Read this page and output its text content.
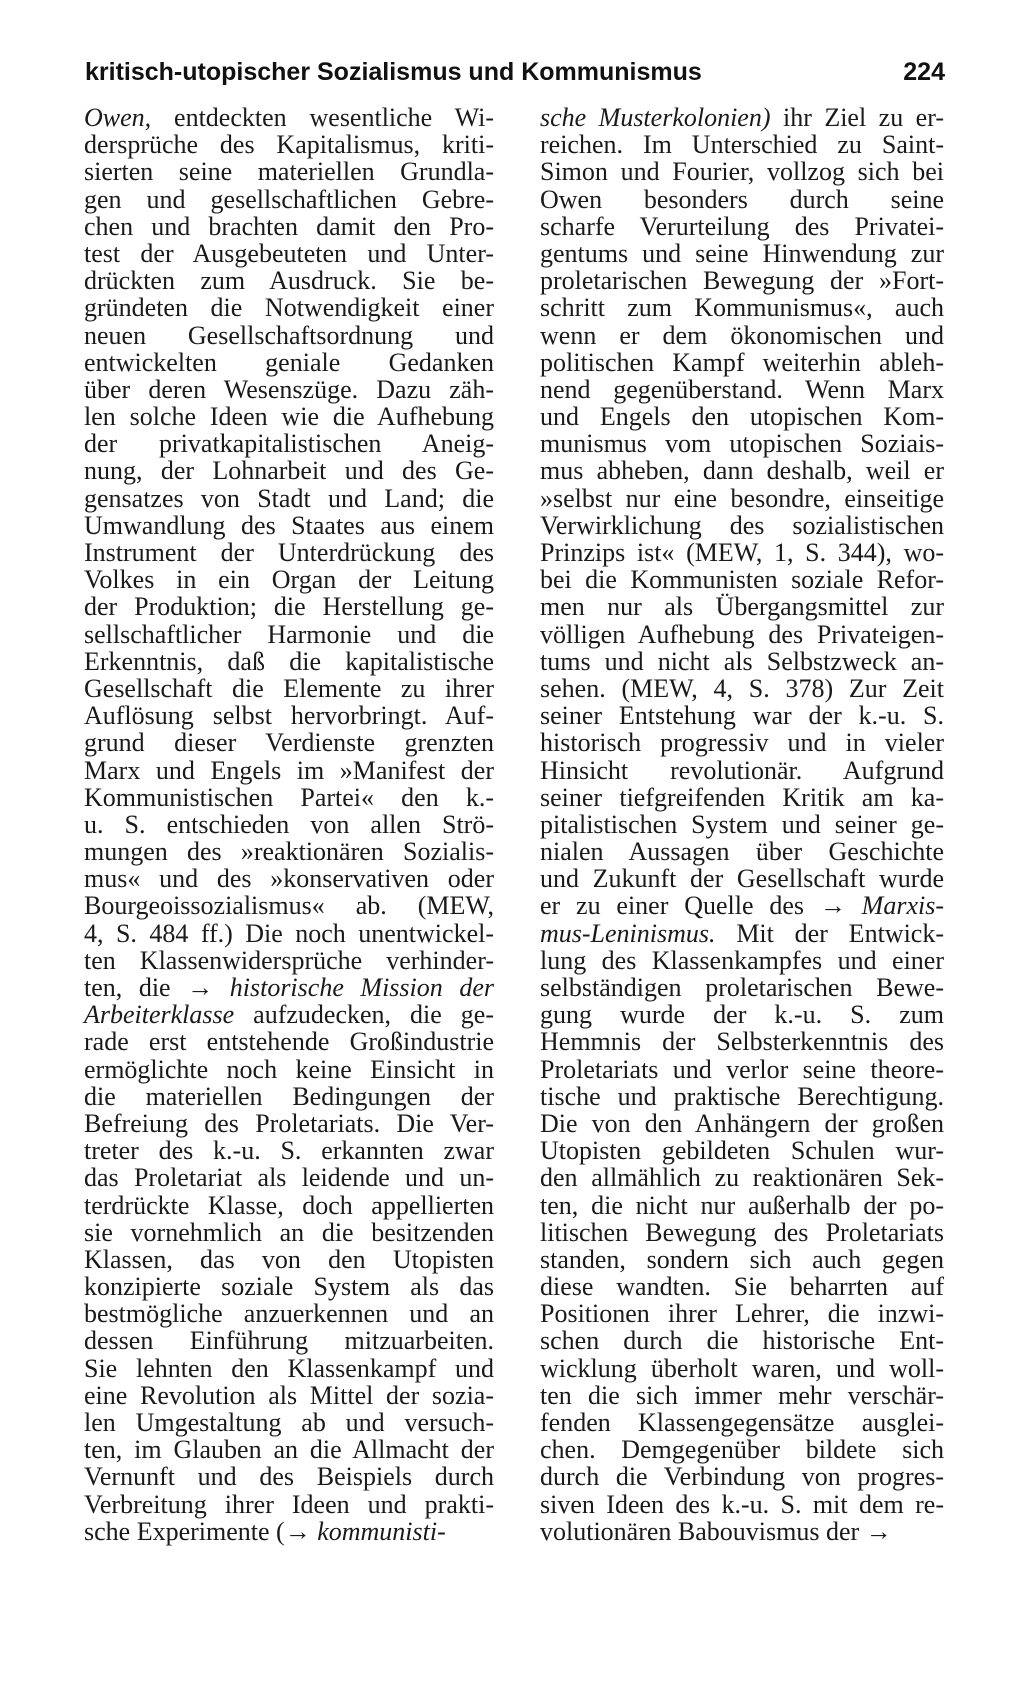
kritisch-utopischer Sozialismus und Kommunismus	224
Owen, entdeckten wesentliche Wi-
dersprüche des Kapitalismus, kriti-
sierten seine materiellen Grundla-
gen und gesellschaftlichen Gebre-
chen und brachten damit den Pro-
test der Ausgebeuteten und Unter-
drückten zum Ausdruck. Sie be-
gründeten die Notwendigkeit einer
neuen Gesellschaftsordnung und
entwickelten geniale Gedanken
über deren Wesenszüge. Dazu zäh-
len solche Ideen wie die Aufhebung
der privatkapitalistischen Aneig-
nung, der Lohnarbeit und des Ge-
gensatzes von Stadt und Land; die
Umwandlung des Staates aus einem
Instrument der Unterdrückung des
Volkes in ein Organ der Leitung
der Produktion; die Herstellung ge-
sellschaftlicher Harmonie und die
Erkenntnis, daß die kapitalistische
Gesellschaft die Elemente zu ihrer
Auflösung selbst hervorbringt. Auf-
grund dieser Verdienste grenzten
Marx und Engels im »Manifest der
Kommunistischen Partei« den k.-
u. S. entschieden von allen Strö-
mungen des »reaktionären Sozialis-
mus« und des »konservativen oder
Bourgeoissozialismus« ab. (MEW,
4, S. 484 ff.) Die noch unentwickel-
ten Klassenwidersprüche verhinder-
ten, die → historische Mission der
Arbeiterklasse aufzudecken, die ge-
rade erst entstehende Großindustrie
ermöglichte noch keine Einsicht in
die materiellen Bedingungen der
Befreiung des Proletariats. Die Ver-
treter des k.-u. S. erkannten zwar
das Proletariat als leidende und un-
terdrückte Klasse, doch appellierten
sie vornehmlich an die besitzenden
Klassen, das von den Utopisten
konzipierte soziale System als das
bestmögliche anzuerkennen und an
dessen Einführung mitzuarbeiten.
Sie lehnten den Klassenkampf und
eine Revolution als Mittel der sozia-
len Umgestaltung ab und versuch-
ten, im Glauben an die Allmacht der
Vernunft und des Beispiels durch
Verbreitung ihrer Ideen und prakti-
sche Experimente (→ kommunisti-
sche Musterkolonien) ihr Ziel zu er-
reichen. Im Unterschied zu Saint-
Simon und Fourier, vollzog sich bei
Owen besonders durch seine
scharfe Verurteilung des Privatei-
gentums und seine Hinwendung zur
proletarischen Bewegung der »Fort-
schritt zum Kommunismus«, auch
wenn er dem ökonomischen und
politischen Kampf weiterhin ableh-
nend gegenüberstand. Wenn Marx
und Engels den utopischen Kom-
munismus vom utopischen Soziais-
mus abheben, dann deshalb, weil er
»selbst nur eine besondre, einseitige
Verwirklichung des sozialistischen
Prinzips ist« (MEW, 1, S. 344), wo-
bei die Kommunisten soziale Refor-
men nur als Übergangsmittel zur
völligen Aufhebung des Privateigen-
tums und nicht als Selbstzweck an-
sehen. (MEW, 4, S. 378) Zur Zeit
seiner Entstehung war der k.-u. S.
historisch progressiv und in vieler
Hinsicht revolutionär. Aufgrund
seiner tiefgreifenden Kritik am ka-
pitalistischen System und seiner ge-
nialen Aussagen über Geschichte
und Zukunft der Gesellschaft wurde
er zu einer Quelle des → Marxis-
mus-Leninismus. Mit der Entwick-
lung des Klassenkampfes und einer
selbständigen proletarischen Bewe-
gung wurde der k.-u. S. zum
Hemmnis der Selbsterkenntnis des
Proletariats und verlor seine theore-
tische und praktische Berechtigung.
Die von den Anhängern der großen
Utopisten gebildeten Schulen wur-
den allmählich zu reaktionären Sek-
ten, die nicht nur außerhalb der po-
litischen Bewegung des Proletariats
standen, sondern sich auch gegen
diese wandten. Sie beharrten auf
Positionen ihrer Lehrer, die inzwi-
schen durch die historische Ent-
wicklung überholt waren, und woll-
ten die sich immer mehr verschär-
fenden Klassengegensätze ausglei-
chen. Demgegenüber bildete sich
durch die Verbindung von progres-
siven Ideen des k.-u. S. mit dem re-
volutionären Babouvismus der →
